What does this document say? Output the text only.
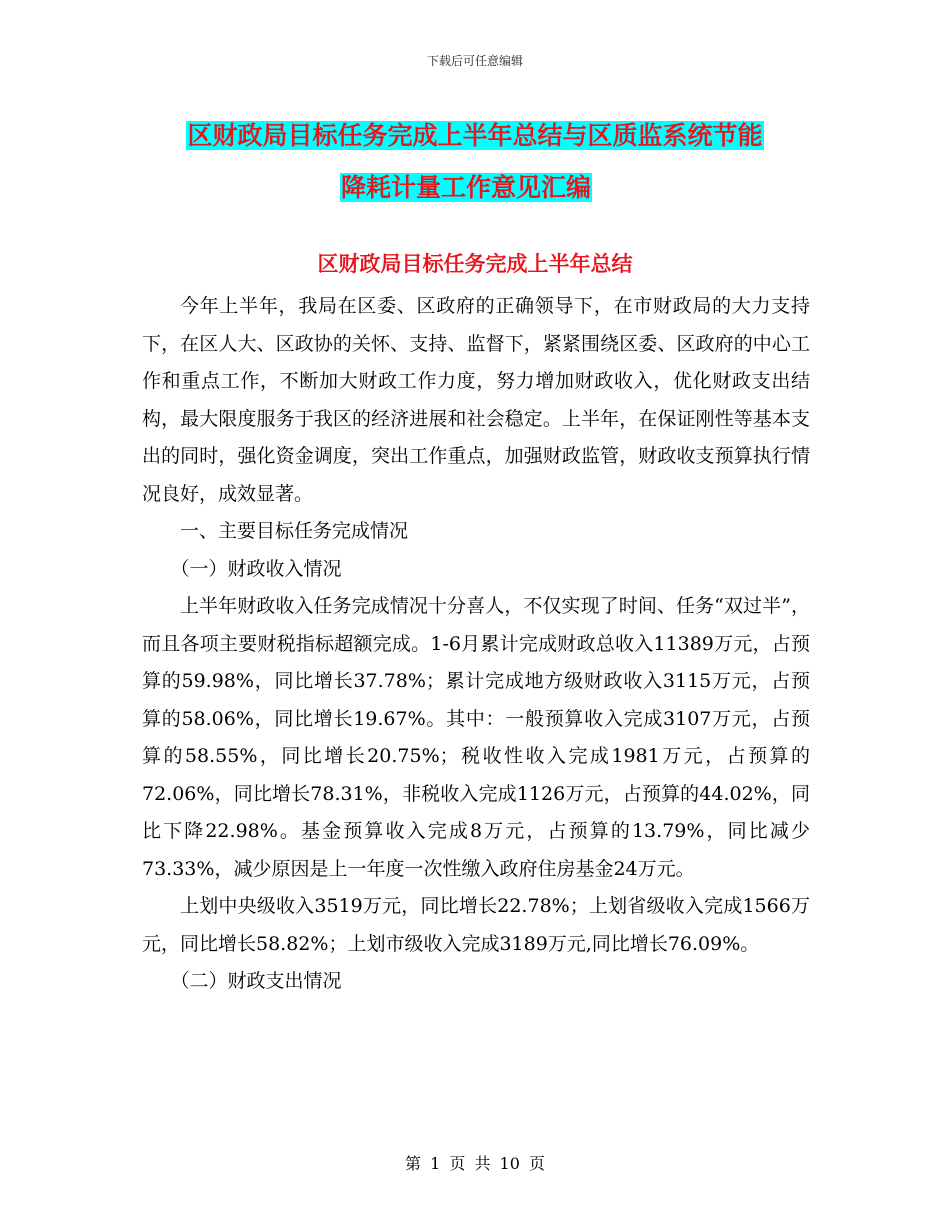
下载后可任意编辑
区财政局目标任务完成上半年总结与区质监系统节能
降耗计量工作意见汇编
区财政局目标任务完成上半年总结

今年上半年，我局在区委、区政府的正确领导下，在市财政局的大力支持下，在区人大、区政协的关怀、支持、监督下，紧紧围绕区委、区政府的中心工作和重点工作，不断加大财政工作力度，努力增加财政收入，优化财政支出结构，最大限度服务于我区的经济进展和社会稳定。上半年，在保证刚性等基本支出的同时，强化资金调度，突出工作重点，加强财政监管，财政收支预算执行情况良好，成效显著。

一、主要目标任务完成情况

（一）财政收入情况

上半年财政收入任务完成情况十分喜人，不仅实现了时间、任务“双过半”，而且各项主要财税指标超额完成。1-6月累计完成财政总收入11389万元，占预算的59.98%，同比增长37.78%；累计完成地方级财政收入3115万元，占预算的58.06%，同比增长19.67%。其中：一般预算收入完成3107万元，占预算的58.55%，同比增长20.75%；税收性收入完成1981万元，占预算的72.06%，同比增长78.31%，非税收入完成1126万元，占预算的44.02%，同比下降22.98%。基金预算收入完成8万元，占预算的13.79%，同比减少73.33%，减少原因是上一年度一次性缴入政府住房基金24万元。

上划中央级收入3519万元，同比增长22.78%；上划省级收入完成1566万元，同比增长58.82%；上划市级收入完成3189万元,同比增长76.09%。

（二）财政支出情况

第 1 页 共 10 页
